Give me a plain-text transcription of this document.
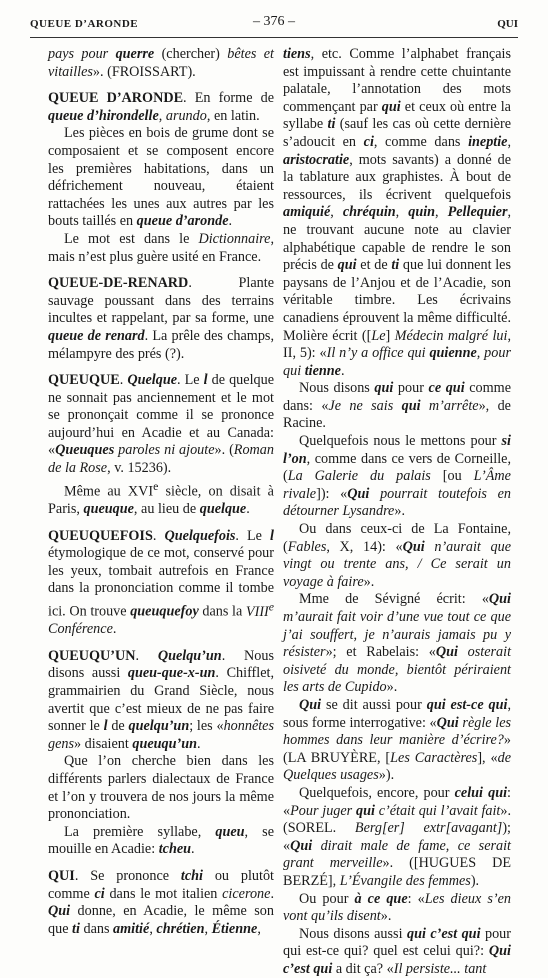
QUEUE D’ARONDE	– 376 –	QUI

pays pour querre (chercher) bêtes et vitailles». (FROISSART).

QUEUE D’ARONDE. En forme de queue d’hirondelle, arundo, en latin.

Les pièces en bois de grume dont se composaient et se composent encore les premières habitations, dans un défrichement nouveau, étaient rattachées les unes aux autres par les bouts taillés en queue d’aronde.

Le mot est dans le Dictionnaire, mais n’est plus guère usité en France.

QUEUE-DE-RENARD. Plante sauvage poussant dans des terrains incultes et rappelant, par sa forme, une queue de renard. La prêle des champs, mélampyre des prés (?).

QUEUQUE. Quelque. Le l de quelque ne sonnait pas anciennement et le mot se prononçait comme il se prononce aujourd’hui en Acadie et au Canada: «Queuques paroles ni ajoute». (Roman de la Rose, v. 15236).

Même au XVIe siècle, on disait à Paris, queuque, au lieu de quelque.

QUEUQUEFOIS. Quelquefois. Le l étymologique de ce mot, conservé pour les yeux, tombait autrefois en France dans la prononciation comme il tombe ici. On trouve queuquefoy dans la VIIIe Conférence.

QUEUQU’UN. Quelqu’un. Nous disons aussi queu-que-x-un. Chifflet, grammairien du Grand Siècle, nous avertit que c’est mieux de ne pas faire sonner le l de quelqu’un; les «honnêtes gens» disaient queuqu’un.

Que l’on cherche bien dans les différents parlers dialectaux de France et l’on y trouvera de nos jours la même prononciation.

La première syllabe, queu, se mouille en Acadie: tcheu.

QUI. Se prononce tchi ou plutôt comme ci dans le mot italien cicerone. Qui donne, en Acadie, le même son que ti dans amitié, chrétien, Étienne,

tiens, etc. Comme l’alphabet français est impuissant à rendre cette chuintante palatale, l’annotation des mots commençant par qui et ceux où entre la syllabe ti (sauf les cas où cette dernière s’adoucit en ci, comme dans ineptie, aristocratie, mots savants) a donné de la tablature aux graphistes. À bout de ressources, ils écrivent quelquefois amiquié, chréquin, quin, Pellequier, ne trouvant aucune note au clavier alphabétique capable de rendre le son précis de qui et de ti que lui donnent les paysans de l’Anjou et de l’Acadie, son véritable timbre. Les écrivains canadiens éprouvent la même difficulté. Molière écrit ([Le] Médecin malgré lui, II, 5): «Il n’y a office qui quienne, pour qui tienne.

Nous disons qui pour ce qui comme dans: «Je ne sais qui m’arrête», de Racine.

Quelquefois nous le mettons pour si l’on, comme dans ce vers de Corneille, (La Galerie du palais [ou L’Âme rivale]): «Qui pourrait toutefois en détourner Lysandre».

Ou dans ceux-ci de La Fontaine, (Fables, X, 14): «Qui n’aurait que vingt ou trente ans, / Ce serait un voyage à faire».

Mme de Sévigné écrit: «Qui m’aurait fait voir d’une vue tout ce que j’ai souffert, je n’aurais jamais pu y résister»; et Rabelais: «Qui osterait oisiveté du monde, bientôt périraient les arts de Cupido».

Qui se dit aussi pour qui est-ce qui, sous forme interrogative: «Qui règle les hommes dans leur manière d’écrire?» (LA BRUYÈRE, [Les Caractères], «de Quelques usages»).

Quelquefois, encore, pour celui qui: «Pour juger qui c’était qui l’avait fait». (SOREL. Berg[er] extr[avagant]); «Qui dirait male de fame, ce serait grant merveille». ([HUGUES DE BERZÉ], L’Évangile des femmes).

Ou pour à ce que: «Les dieux s’en vont qu’ils disent».

Nous disons aussi qui c’est qui pour qui est-ce qui? quel est celui qui?: Qui c’est qui a dit ça? «Il persiste... tant
